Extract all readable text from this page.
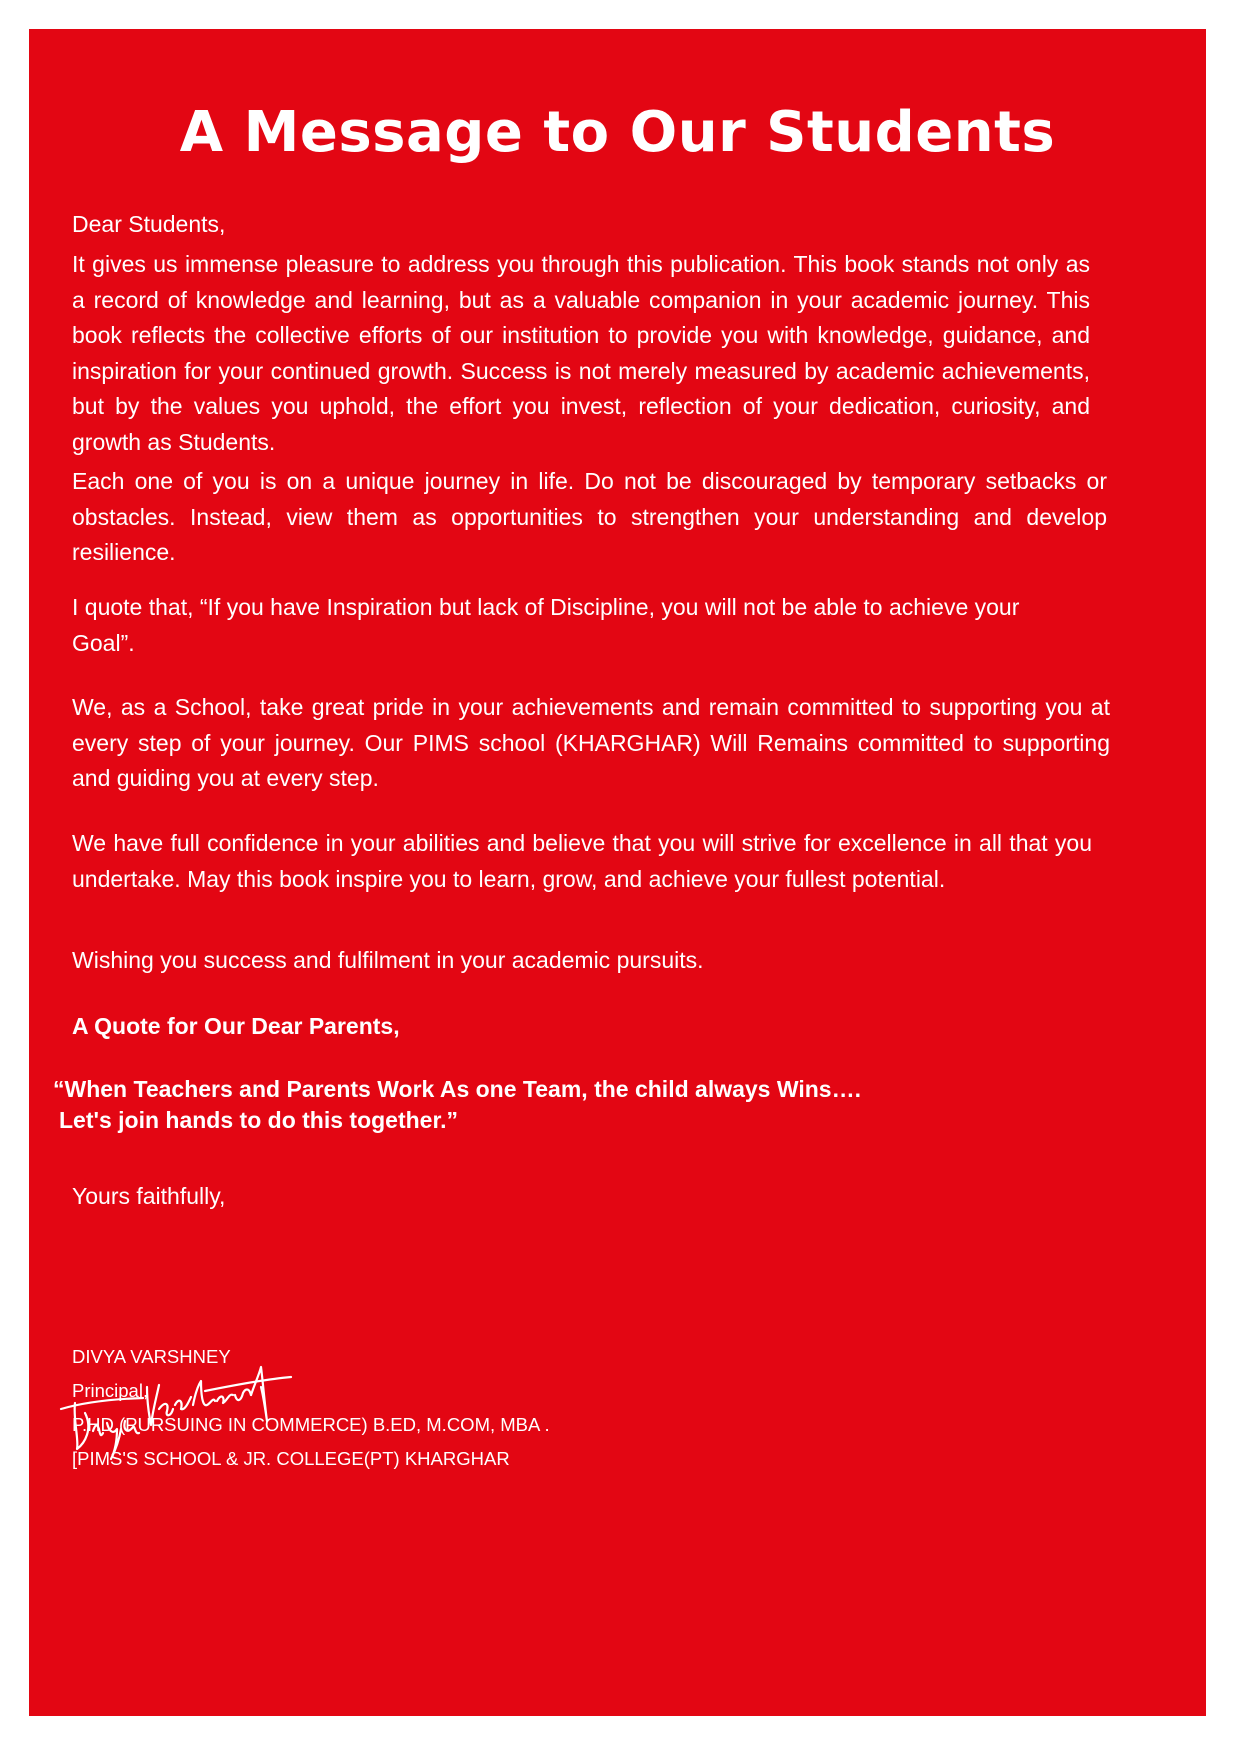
A Message to Our Students

Dear Students,

It gives us immense pleasure to address you through this publication. This book stands not only as a record of knowledge and learning, but as a valuable companion in your academic journey. This book reflects the collective efforts of our institution to provide you with knowledge, guidance, and inspiration for your continued growth. Success is not merely measured by academic achievements, but by the values you uphold, the effort you invest, reflection of your dedication, curiosity, and growth as Students.

Each one of you is on a unique journey in life. Do not be discouraged by temporary setbacks or obstacles. Instead, view them as opportunities to strengthen your understanding and develop resilience.

I quote that, “If you have Inspiration but lack of Discipline, you will not be able to achieve your Goal”.

We, as a School, take great pride in your achievements and remain committed to supporting you at every step of your journey. Our PIMS school (KHARGHAR) Will Remains committed to supporting and guiding you at every step.

We have full confidence in your abilities and believe that you will strive for excellence in all that you undertake. May this book inspire you to learn, grow, and achieve your fullest potential.

Wishing you success and fulfilment in your academic pursuits.

A Quote for Our Dear Parents,

“When Teachers and Parents Work As one Team, the child always Wins….

Let's join hands to do this together.”

Yours faithfully,

Divya Varshney DIVYA VARSHNEY

Principal,

P.HD (PURSUING IN COMMERCE) B.ED, M.COM, MBA .

[PIMS'S SCHOOL & JR. COLLEGE(PT) KHARGHAR
